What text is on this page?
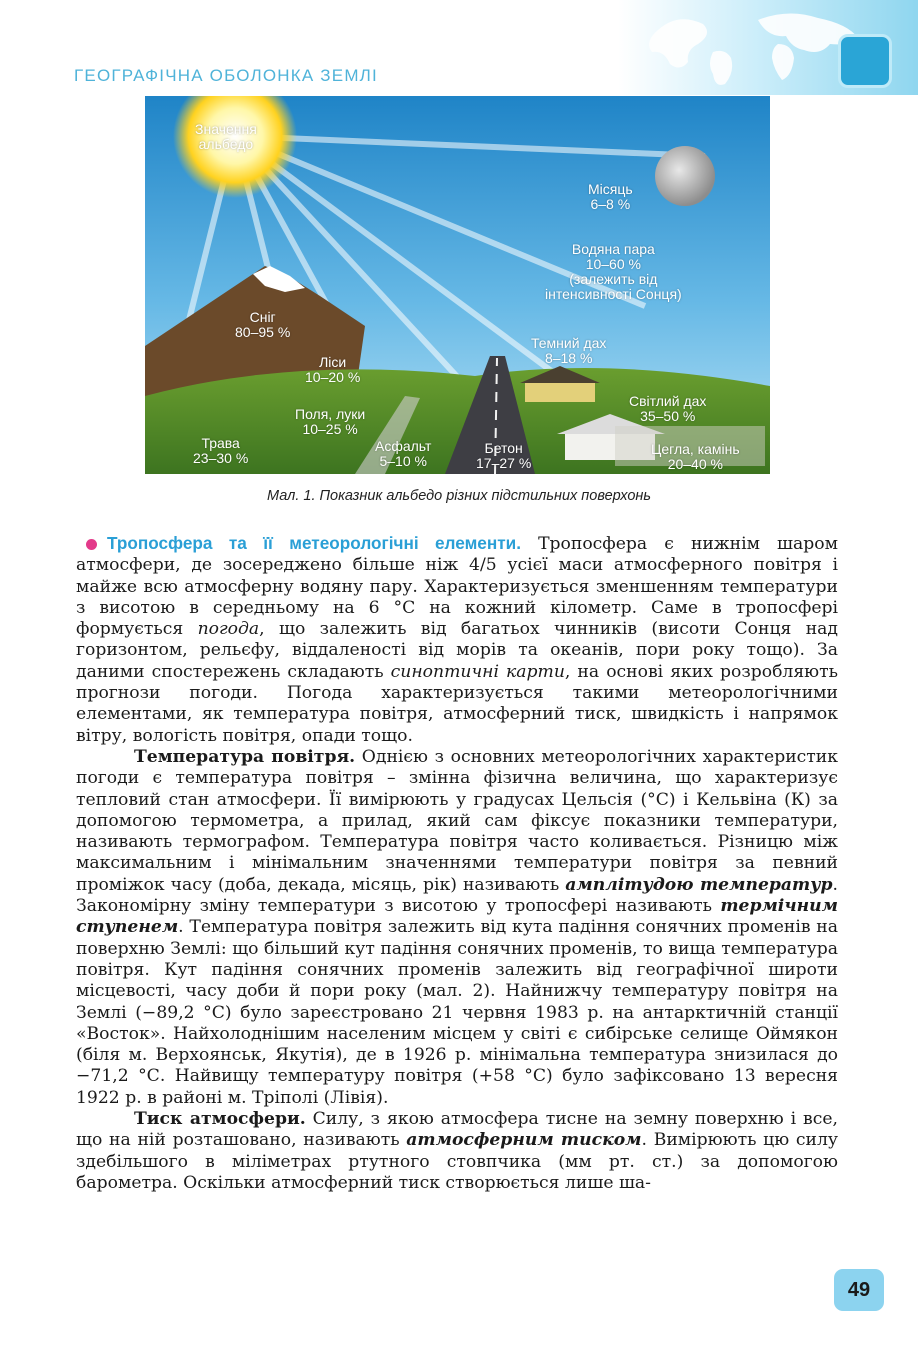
ГЕОГРАФІЧНА ОБОЛОНКА ЗЕМЛІ
Значення
альбедо
Місяць
6–8 %
Водяна пара
10–60 %
(залежить від
інтенсивності Сонця)
Сніг
80–95 %
Ліси
10–20 %
Поля, луки
10–25 %
Трава
23–30 %
Асфальт
5–10 %
Бетон
17–27 %
Темний дах
8–18 %
Світлий дах
35–50 %
Цегла, камінь
20–40 %
Мал. 1. Показник альбедо різних підстильних поверхонь

Тропосфера та її метеорологічні елементи. Тропосфера є нижнім шаром атмосфери, де зосереджено більше ніж 4/5 усієї маси атмосферного повітря і майже всю атмосферну водяну пару. Характеризується зменшенням температури з висотою в середньому на 6 °С на кожний кілометр. Саме в тропосфері формується погода, що залежить від багатьох чинників (висоти Сонця над горизонтом, рельєфу, віддаленості від морів та океанів, пори року тощо). За даними спостережень складають синоптичні карти, на основі яких розробляють прогнози погоди. Погода характеризується такими метеорологічними елементами, як температура повітря, атмосферний тиск, швидкість і напрямок вітру, вологість повітря, опади тощо.

Температура повітря. Однією з основних метеорологічних характеристик погоди є температура повітря – змінна фізична величина, що характеризує тепловий стан атмосфери. Її вимірюють у градусах Цельсія (°С) і Кельвіна (К) за допомогою термометра, а прилад, який сам фіксує показники температури, називають термографом. Температура повітря часто коливається. Різницю між максимальним і мінімальним значеннями температури повітря за певний проміжок часу (доба, декада, місяць, рік) називають амплітудою температур. Закономірну зміну температури з висотою у тропосфері називають термічним ступенем. Температура повітря залежить від кута падіння сонячних променів на поверхню Землі: що більший кут падіння сонячних променів, то вища температура повітря. Кут падіння сонячних променів залежить від географічної широти місцевості, часу доби й пори року (мал. 2). Найнижчу температуру повітря на Землі (−89,2 °С) було зареєстровано 21 червня 1983 р. на антарктичній станції «Восток». Найхолоднішим населеним місцем у світі є сибірське селище Оймякон (біля м. Верхоянськ, Якутія), де в 1926 р. мінімальна температура знизилася до −71,2 °С. Найвищу температуру повітря (+58 °С) було зафіксовано 13 вересня 1922 р. в районі м. Тріполі (Лівія).

Тиск атмосфери. Силу, з якою атмосфера тисне на земну поверхню і все, що на ній розташовано, називають атмосферним тиском. Вимірюють цю силу здебільшого в міліметрах ртутного стовпчика (мм рт. ст.) за допомогою барометра. Оскільки атмосферний тиск створюється лише ша-

49
